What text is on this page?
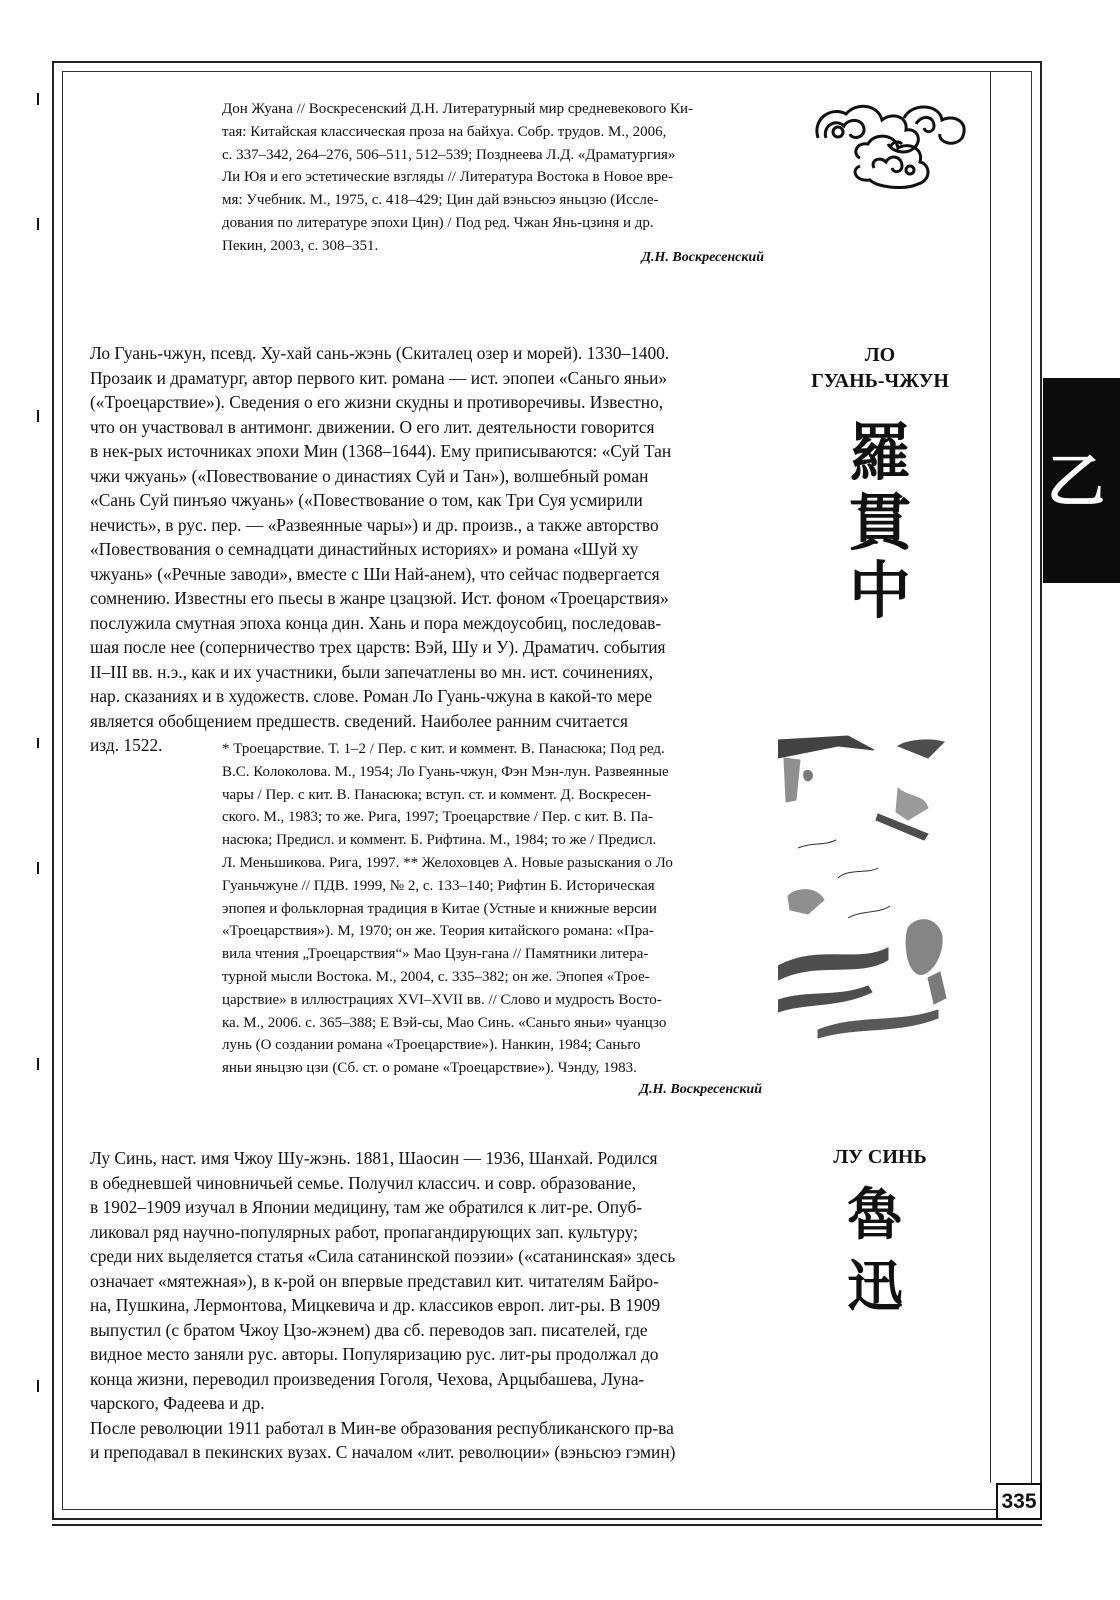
335
乙
Дон Жуана // Воскресенский Д.Н. Литературный мир средневекового Ки-
тая: Китайская классическая проза на байхуа. Собр. трудов. М., 2006,
с. 337–342, 264–276, 506–511, 512–539; Позднеева Л.Д. «Драматургия»
Ли Юя и его эстетические взгляды // Литература Востока в Новое вре-
мя: Учебник. М., 1975, с. 418–429; Цин дай вэньсюэ яньцзю (Иссле-
дования по литературе эпохи Цин) / Под ред. Чжан Янь-цзиня и др.
Пекин, 2003, с. 308–351.
Д.Н. Воскресенский
ЛО
ГУАНЬ-ЧЖУН
羅
貫
中
Ло Гуань-чжун, псевд. Ху-хай сань-жэнь (Скиталец озер и морей). 1330–1400.
Прозаик и драматург, автор первого кит. романа — ист. эпопеи «Саньго яньи»
(«Троецарствие»). Сведения о его жизни скудны и противоречивы. Известно,
что он участвовал в антимонг. движении. О его лит. деятельности говорится
в нек-рых источниках эпохи Мин (1368–1644). Ему приписываются: «Суй Тан
чжи чжуань» («Повествование о династиях Суй и Тан»), волшебный роман
«Сань Суй пинъяо чжуань» («Повествование о том, как Три Суя усмирили
нечисть», в рус. пер. — «Развеянные чары») и др. произв., а также авторство
«Повествования о семнадцати династийных историях» и романа «Шуй ху
чжуань» («Речные заводи», вместе с Ши Най-анем), что сейчас подвергается
сомнению. Известны его пьесы в жанре цзацзюй. Ист. фоном «Троецарствия»
послужила смутная эпоха конца дин. Хань и пора междоусобиц, последовав-
шая после нее (соперничество трех царств: Вэй, Шу и У). Драматич. события
II–III вв. н.э., как и их участники, были запечатлены во мн. ист. сочинениях,
нар. сказаниях и в художеств. слове. Роман Ло Гуань-чжуна в какой-то мере
является обобщением предшеств. сведений. Наиболее ранним считается
изд. 1522.	* Троецарствие. Т. 1–2 / Пер. с кит. и коммент. В. Панасюка; Под ред.
В.С. Колоколова. М., 1954; Ло Гуань-чжун, Фэн Мэн-лун. Развеянные
чары / Пер. с кит. В. Панасюка; вступ. ст. и коммент. Д. Воскресен-
ского. М., 1983; то же. Рига, 1997; Троецарствие / Пер. с кит. В. Па-
насюка; Предисл. и коммент. Б. Рифтина. М., 1984; то же / Предисл.
Л. Меньшикова. Рига, 1997. ** Желоховцев А. Новые разыскания о Ло
Гуаньчжуне // ПДВ. 1999, № 2, с. 133–140; Рифтин Б. Историческая
эпопея и фольклорная традиция в Китае (Устные и книжные версии
«Троецарствия»). М, 1970; он же. Теория китайского романа: «Пра-
вила чтения „Троецарствия“» Мао Цзун-гана // Памятники литера-
турной мысли Востока. М., 2004, с. 335–382; он же. Эпопея «Трое-
царствие» в иллюстрациях XVI–XVII вв. // Слово и мудрость Восто-
ка. М., 2006. с. 365–388; Е Вэй-сы, Мао Синь. «Саньго яньи» чуанцзо
лунь (О создании романа «Троецарствие»). Нанкин, 1984; Саньго
яньи яньцзю цзи (Сб. ст. о романе «Троецарствие»). Чэнду, 1983.
Д.Н. Воскресенский
ЛУ СИНЬ
魯
迅
Лу Синь, наст. имя Чжоу Шу-жэнь. 1881, Шаосин — 1936, Шанхай. Родился
в обедневшей чиновничьей семье. Получил классич. и совр. образование,
в 1902–1909 изучал в Японии медицину, там же обратился к лит-ре. Опуб-
ликовал ряд научно-популярных работ, пропагандирующих зап. культуру;
среди них выделяется статья «Сила сатанинской поэзии» («сатанинская» здесь
означает «мятежная»), в к-рой он впервые представил кит. читателям Байро-
на, Пушкина, Лермонтова, Мицкевича и др. классиков европ. лит-ры. В 1909
выпустил (с братом Чжоу Цзо-жэнем) два сб. переводов зап. писателей, где
видное место заняли рус. авторы. Популяризацию рус. лит-ры продолжал до
конца жизни, переводил произведения Гоголя, Чехова, Арцыбашева, Луна-
чарского, Фадеева и др.
После революции 1911 работал в Мин-ве образования республиканского пр-ва
и преподавал в пекинских вузах. С началом «лит. революции» (вэньсюэ гэмин)
